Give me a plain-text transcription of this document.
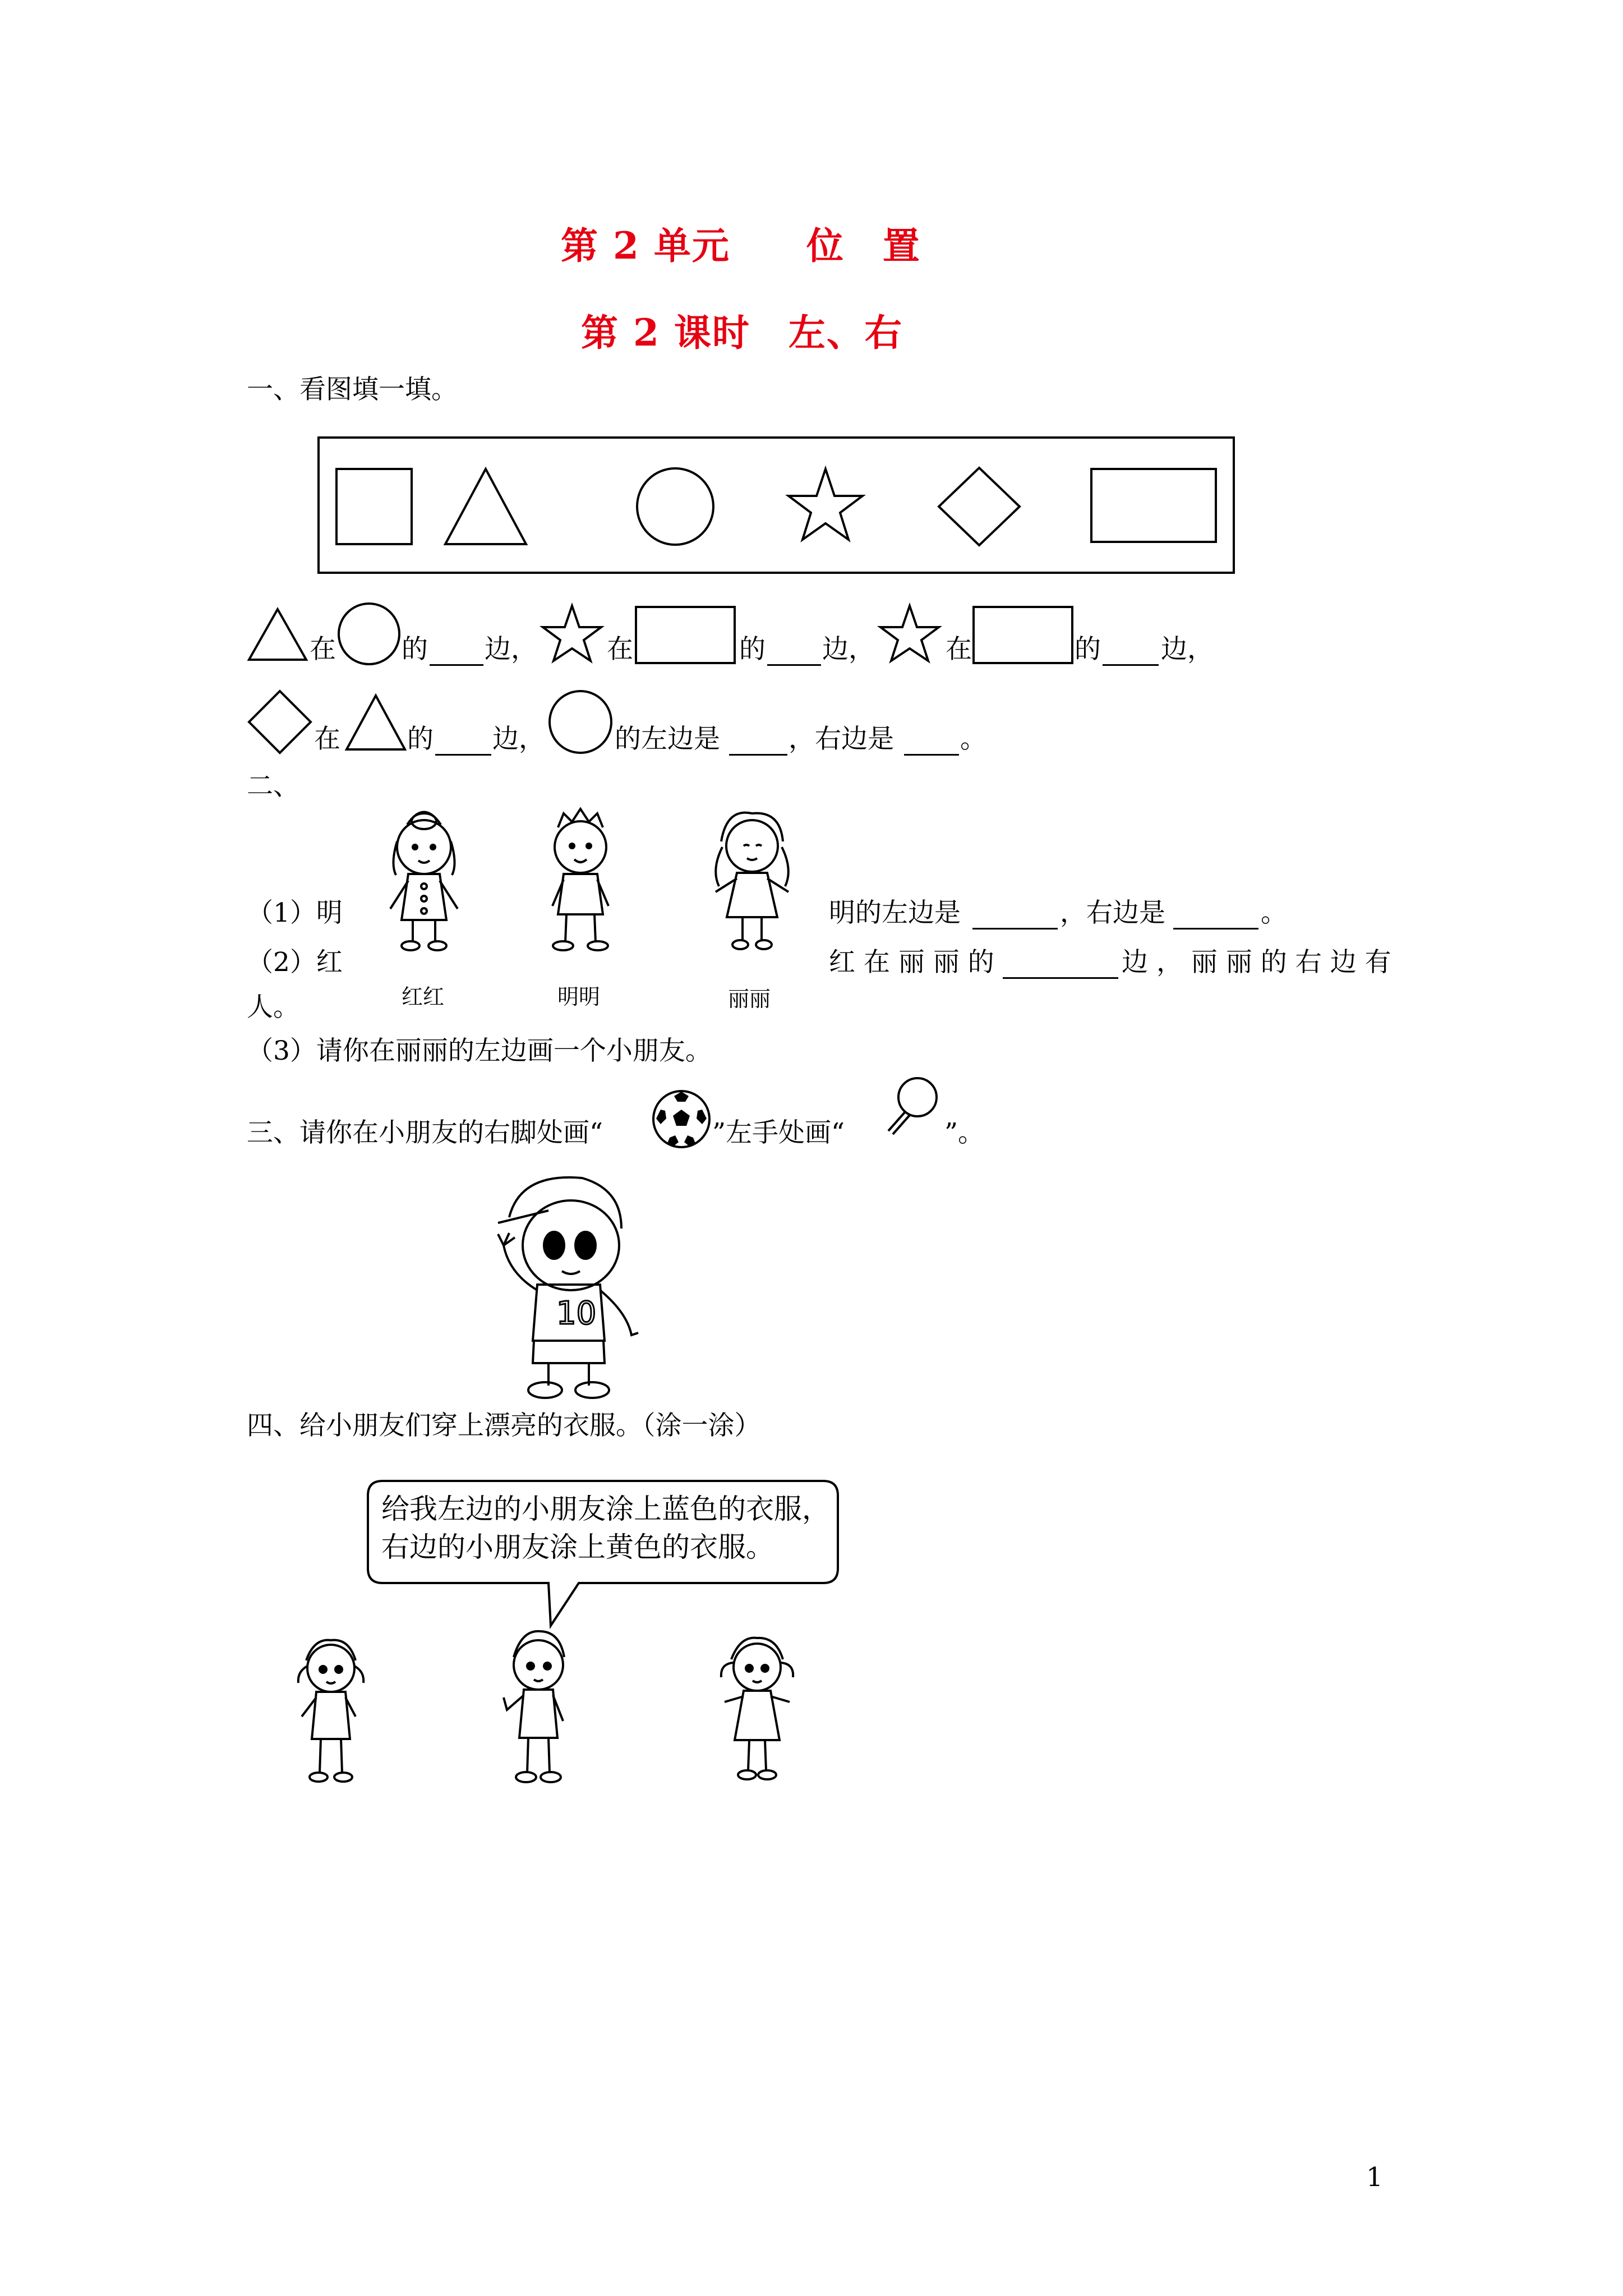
第 2 单元　　位　置
第 2 课时　左、右
一、看图填一填。
在 的 边，	在	的 边，	在	的 边，
在	的 边，	的左边是	，右边是	。
二、
（1）明	明的左边是	，右边是	。
（2）红
红红	明明	丽丽
红 在 丽 丽 的	边 ， 丽 丽 的 右 边 有
人。
（3）请你在丽丽的左边画一个小朋友。
三、请你在小朋友的右脚处画“	”左手处画“	”。
10
四、给小朋友们穿上漂亮的衣服。（涂一涂）
给我左边的小朋友涂上蓝色的衣服，
右边的小朋友涂上黄色的衣服。
1
